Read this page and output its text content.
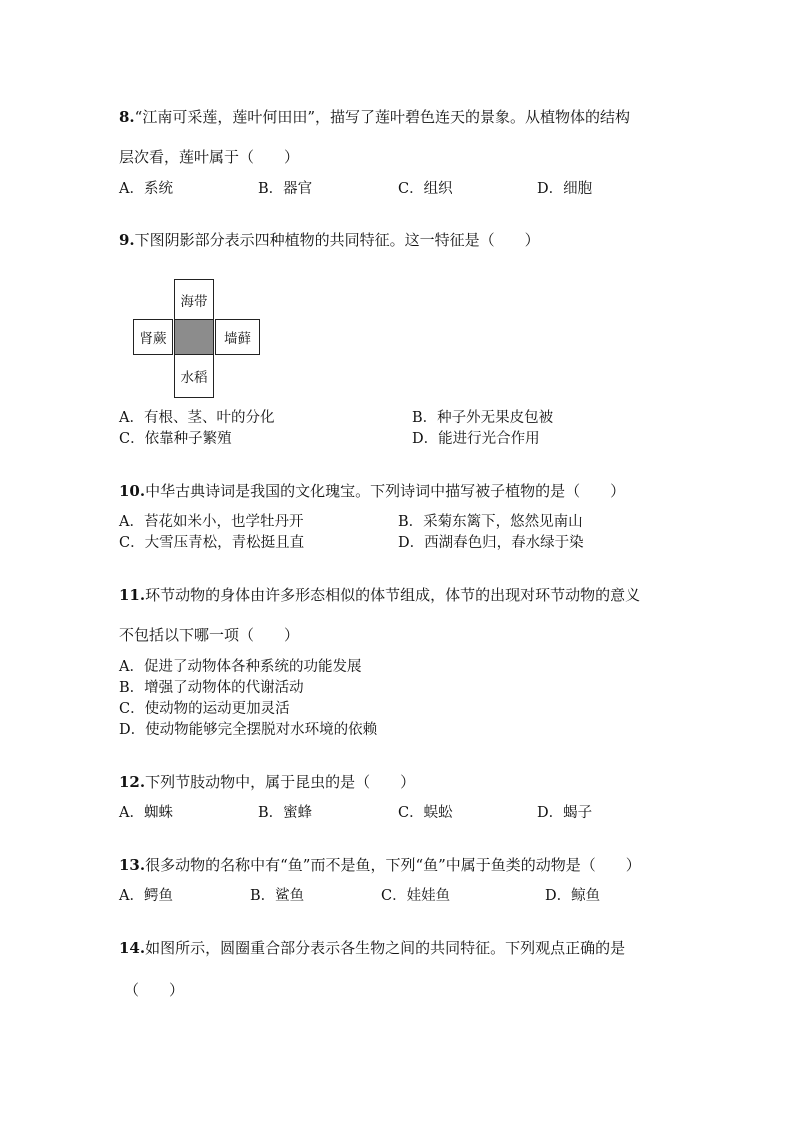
8.“江南可采莲，莲叶何田田”，描写了莲叶碧色连天的景象。从植物体的结构
层次看，莲叶属于（　　）
A．系统	B．器官	C．组织	D．细胞
9.下图阴影部分表示四种植物的共同特征。这一特征是（　　）
海带
肾蕨	墙藓
水稻
A．有根、茎、叶的分化	B．种子外无果皮包被
C．依靠种子繁殖	D．能进行光合作用
10.中华古典诗词是我国的文化瑰宝。下列诗词中描写被子植物的是（　　）
A．苔花如米小，也学牡丹开	B．采菊东篱下，悠然见南山
C．大雪压青松，青松挺且直	D．西湖春色归，春水绿于染
11.环节动物的身体由许多形态相似的体节组成，体节的出现对环节动物的意义
不包括以下哪一项（　　）
A．促进了动物体各种系统的功能发展
B．增强了动物体的代谢活动
C．使动物的运动更加灵活
D．使动物能够完全摆脱对水环境的依赖
12.下列节肢动物中，属于昆虫的是（　　）
A．蜘蛛	B．蜜蜂	C．蜈蚣	D．蝎子
13.很多动物的名称中有“鱼”而不是鱼，下列“鱼”中属于鱼类的动物是（　　）
A．鳄鱼	B．鲨鱼	C．娃娃鱼	D．鲸鱼
14.如图所示，圆圈重合部分表示各生物之间的共同特征。下列观点正确的是
（　　）
